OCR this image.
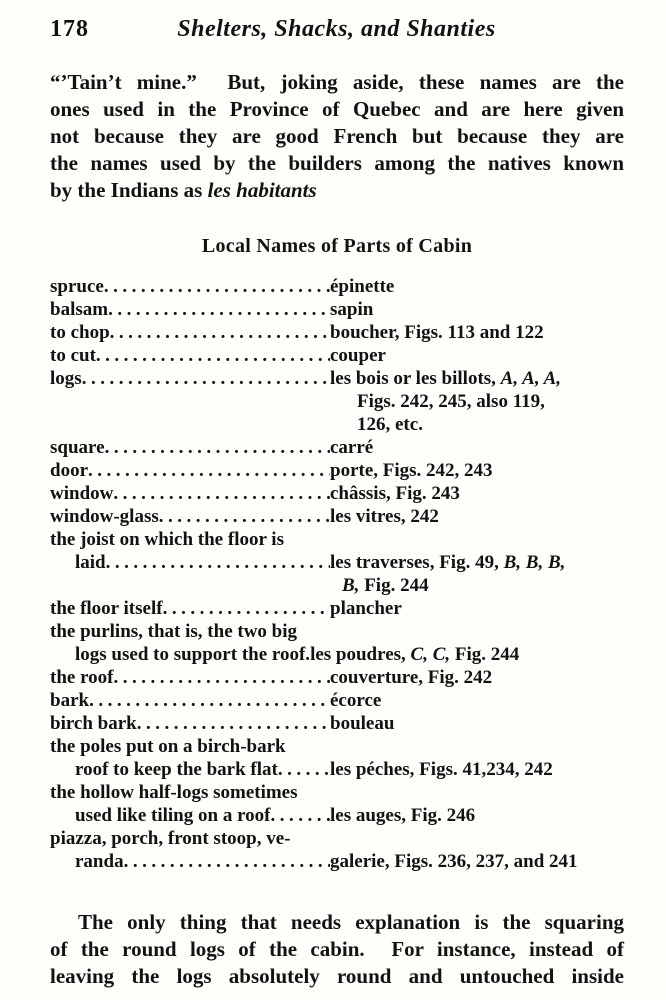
178	Shelters, Shacks, and Shanties
“’Tain’t mine.”  But, joking aside, these names are the
ones used in the Province of Quebec and are here given
not because they are good French but because they are
the names used by the builders among the natives known
by the Indians as les habitants
Local Names of Parts of Cabin
spruce .....	épinette
balsam .....	sapin
to chop .....	boucher, Figs. 113 and 122
to cut .....	couper
logs .....	les bois or les billots, A, A, A,
Figs. 242, 245, also 119,
126, etc.
square .....	carré
door .....	porte, Figs. 242, 243
window .....	châssis, Fig. 243
window-glass .....	les vitres, 242
the joist on which the floor is
laid .....	les traverses, Fig. 49, B, B, B,
B, Fig. 244
the floor itself .....	plancher
the purlins, that is, the two big
logs used to support the roof. les poudres, C, C, Fig. 244
the roof .....	couverture, Fig. 242
bark .....	écorce
birch bark .....	bouleau
the poles put on a birch-bark
roof to keep the bark flat .....	les péches, Figs. 41,234, 242
the hollow half-logs sometimes
used like tiling on a roof .....	les auges, Fig. 246
piazza, porch, front stoop, ve-
randa .....	galerie, Figs. 236, 237, and 241
The only thing that needs explanation is the squaring
of the round logs of the cabin.  For instance, instead of
leaving the logs absolutely round and untouched inside
